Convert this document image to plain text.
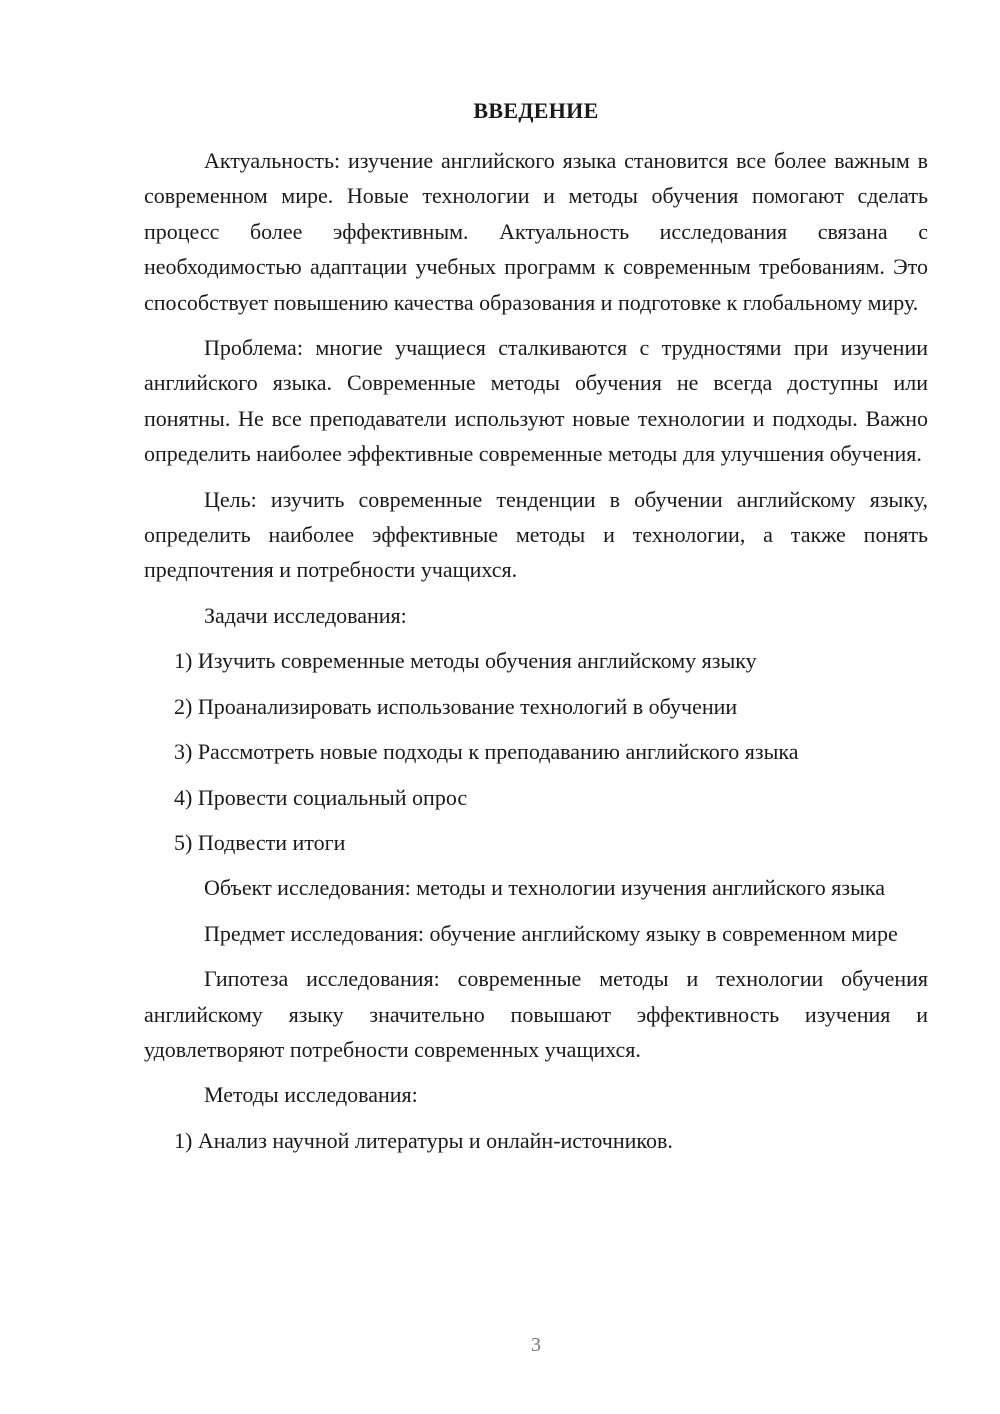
ВВЕДЕНИЕ

Актуальность: изучение английского языка становится все более важным в современном мире. Новые технологии и методы обучения помогают сделать процесс более эффективным. Актуальность исследования связана с необходимостью адаптации учебных программ к современным требованиям. Это способствует повышению качества образования и подготовке к глобальному миру.

Проблема: многие учащиеся сталкиваются с трудностями при изучении английского языка. Современные методы обучения не всегда доступны или понятны. Не все преподаватели используют новые технологии и подходы. Важно определить наиболее эффективные современные методы для улучшения обучения.

Цель: изучить современные тенденции в обучении английскому языку, определить наиболее эффективные методы и технологии, а также понять предпочтения и потребности учащихся.

Задачи исследования:

1) Изучить современные методы обучения английскому языку

2) Проанализировать использование технологий в обучении

3) Рассмотреть новые подходы к преподаванию английского языка

4) Провести социальный опрос

5) Подвести итоги

Объект исследования: методы и технологии изучения английского языка

Предмет исследования: обучение английскому языку в современном мире

Гипотеза исследования: современные методы и технологии обучения английскому языку значительно повышают эффективность изучения и удовлетворяют потребности современных учащихся.

Методы исследования:

1) Анализ научной литературы и онлайн-источников.

3
